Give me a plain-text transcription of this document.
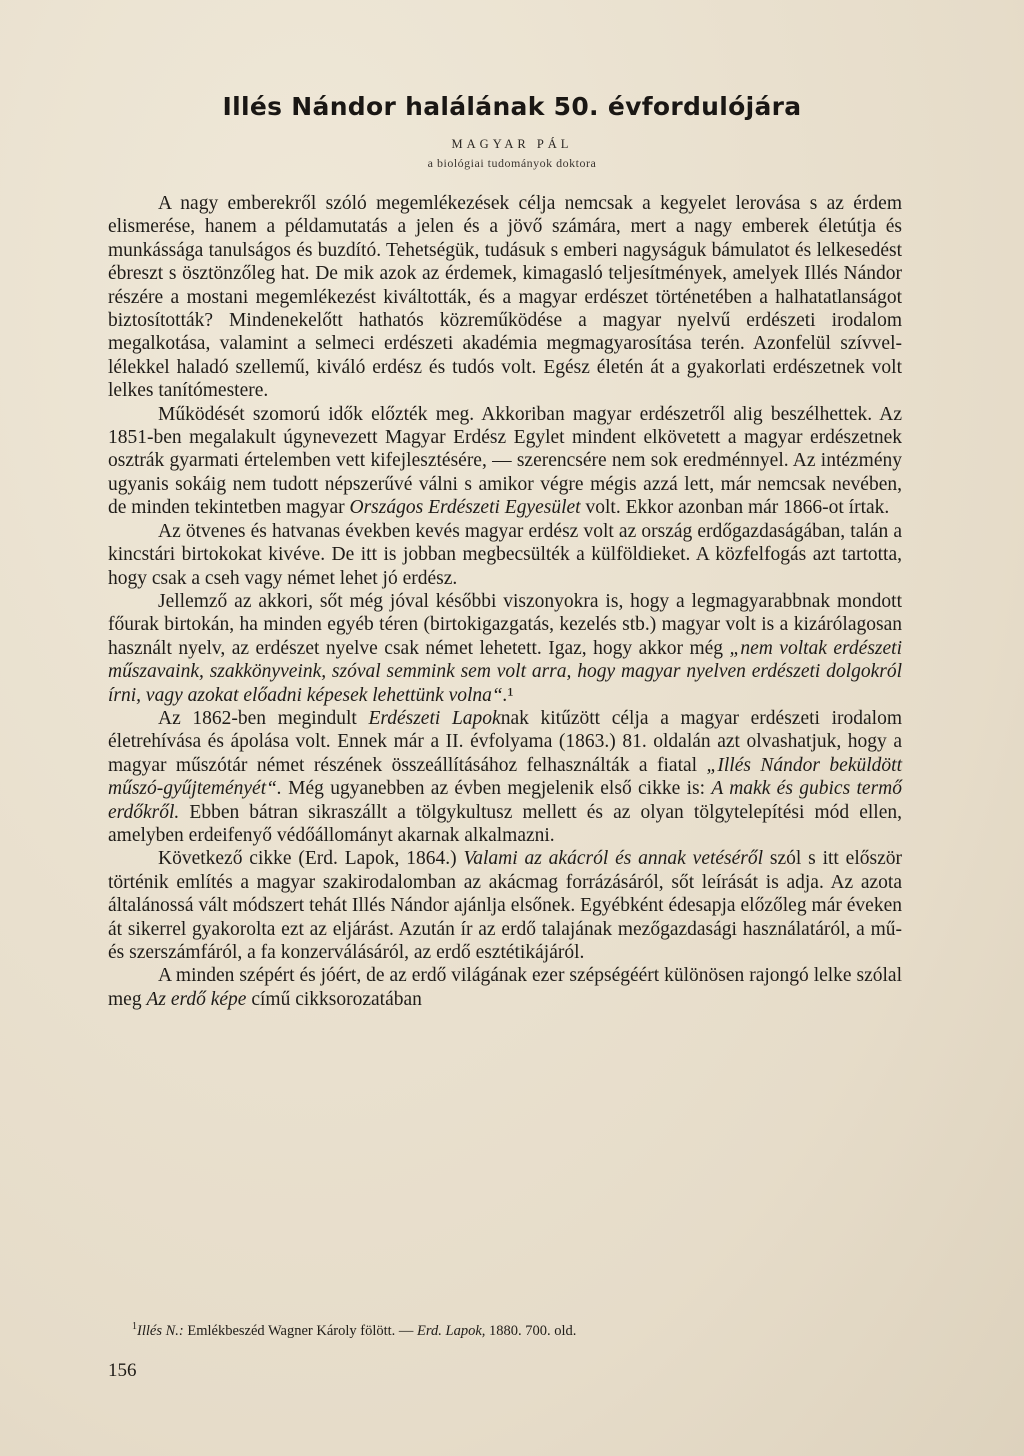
Illés Nándor halálának 50. évfordulójára
MAGYAR PÁL
a biológiai tudományok doktora

A nagy emberekről szóló megemlékezések célja nemcsak a kegyelet lerovása s az érdem elismerése, hanem a példamutatás a jelen és a jövő számára, mert a nagy emberek életútja és munkássága tanulságos és buzdító. Tehetségük, tudásuk s emberi nagyságuk bámulatot és lelkesedést ébreszt s ösztönzőleg hat. De mik azok az érdemek, kimagasló teljesítmények, amelyek Illés Nándor részére a mostani megemlékezést kiváltották, és a magyar erdészet történetében a halhatatlanságot biztosították? Mindenekelőtt hathatós közreműködése a magyar nyelvű erdészeti irodalom megalkotása, valamint a selmeci erdészeti akadémia megmagyarosítása terén. Azonfelül szívvel-lélekkel haladó szellemű, kiváló erdész és tudós volt. Egész életén át a gyakorlati erdészetnek volt lelkes tanítómestere.

Működését szomorú idők előzték meg. Akkoriban magyar erdészetről alig beszélhettek. Az 1851-ben megalakult úgynevezett Magyar Erdész Egylet mindent elkövetett a magyar erdészetnek osztrák gyarmati értelemben vett kifejlesztésére, — szerencsére nem sok eredménnyel. Az intézmény ugyanis sokáig nem tudott népszerűvé válni s amikor végre mégis azzá lett, már nemcsak nevében, de minden tekintetben magyar Országos Erdészeti Egyesület volt. Ekkor azonban már 1866-ot írtak.

Az ötvenes és hatvanas években kevés magyar erdész volt az ország erdőgazdaságában, talán a kincstári birtokokat kivéve. De itt is jobban megbecsülték a külföldieket. A közfelfogás azt tartotta, hogy csak a cseh vagy német lehet jó erdész.

Jellemző az akkori, sőt még jóval későbbi viszonyokra is, hogy a legmagyarabbnak mondott főurak birtokán, ha minden egyéb téren (birtokigazgatás, kezelés stb.) magyar volt is a kizárólagosan használt nyelv, az erdészet nyelve csak német lehetett. Igaz, hogy akkor még „nem voltak erdészeti műszavaink, szakkönyveink, szóval semmink sem volt arra, hogy magyar nyelven erdészeti dolgokról írni, vagy azokat előadni képesek lehettünk volna“.¹

Az 1862-ben megindult Erdészeti Lapoknak kitűzött célja a magyar erdészeti irodalom életrehívása és ápolása volt. Ennek már a II. évfolyama (1863.) 81. oldalán azt olvashatjuk, hogy a magyar műszótár német részének összeállításához felhasználták a fiatal „Illés Nándor beküldött műszó-gyűjteményét“. Még ugyanebben az évben megjelenik első cikke is: A makk és gubics termő erdőkről. Ebben bátran sikraszállt a tölgykultusz mellett és az olyan tölgytelepítési mód ellen, amelyben erdeifenyő védőállományt akarnak alkalmazni.

Következő cikke (Erd. Lapok, 1864.) Valami az akácról és annak vetéséről szól s itt először történik említés a magyar szakirodalomban az akácmag forrázásáról, sőt leírását is adja. Az azota általánossá vált módszert tehát Illés Nándor ajánlja elsőnek. Egyébként édesapja előzőleg már éveken át sikerrel gyakorolta ezt az eljárást. Azután ír az erdő talajának mezőgazdasági használatáról, a mű- és szerszámfáról, a fa konzerválásáról, az erdő esztétikájáról.

A minden szépért és jóért, de az erdő világának ezer szépségéért különösen rajongó lelke szólal meg Az erdő képe című cikksorozatában

$^1$Illés N.: Emlékbeszéd Wagner Károly fölött. — Erd. Lapok, 1880. 700. old.
156
